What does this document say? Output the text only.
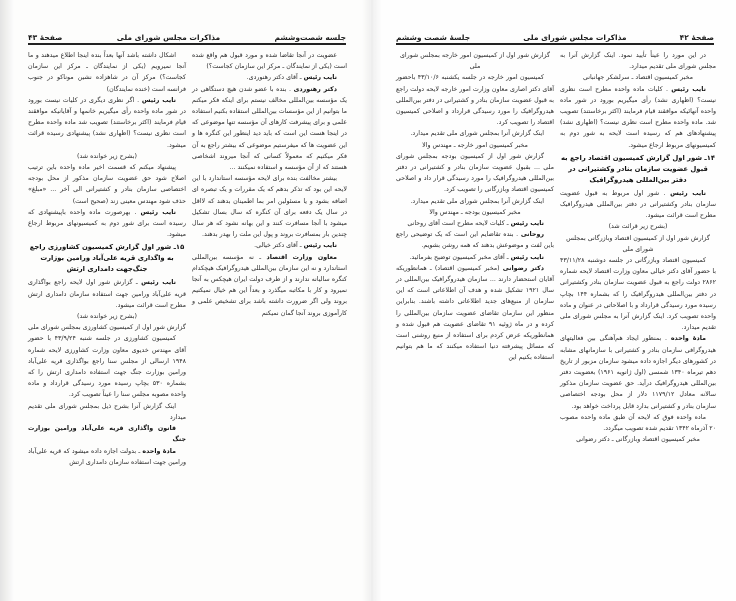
جلسه شصت‌وششم
مذاکرات مجلس شورای ملی
صفحهٔ ۴۳

عضویت در آنجا تقاضا شده و مورد قبول هم واقع شده است (یکی از نمایندگان ـ مرکز این سازمان کجاست؟)

نایب رئیس ـ آقای دکتر رهنوردی.

دکتر رهنوردی . بنده با عضو شدن هیچ دستگاهی در یک مؤسسه بین‌المللی مخالف نیستم برای اینکه فکر میکنم ما بتوانیم از این مؤسسات بین‌المللی استفاده بکنیم استفاده علمی و برای پیشرفت کارهای آن مؤسسه تنها موضوعی که در اینجا هست این است که باید دید اینطور این کنگره ها و این عضویت ها که میفرستیم موضوعی که بیشتر راجع به آن فکر میکنیم که معمولاً کسانی که آنجا میروند اشخاصی هستند که از آن مؤسسه و استفاده نمیکنند ...

بیشتر مخالفت بنده برای لایحه مؤسسه استاندارد با این لایحه این بود که تذکر بدهم که یک مقررات و یک تبصره ای اضافه بشود و یا مسئولین امر بما اطمینان بدهند که لااقل در سال یک دفعه برای آن کنگره که سال بسال تشکیل میشود با آنجا مسافرت کنند و این بهانه نشود که هر سال چندین بار بمسافرت بروند و پول این ملت را بهدر بدهند.

نایب رئیس ـ آقای دکتر خیالی.

معاون وزارت اقتصاد ـ نه مؤسسه بین‌المللی استاندارد و نه این سازمان بین‌المللی هیدروگرافیک هیچکدام کنگره سالیانه ندارند و از طرف دولت ایران هیچکس به آنجا نمیرود و کار با مکاتبه میگذرد و بعداً این هم خیال نمیکنیم بروند ولی اگر ضرورت داشته باشد برای تشخیص علمی و کارآموزی بروند آنجا گمان نمیکنم

اشکال داشته باشد آنها بعداً بنده اینجا اطلاع میدهند و ما آنجا نمیرویم (یکی از نمایندگان ـ مرکز این سازمان کجاست؟) مرکز آن در شاهزاده نشین موناکو در جنوب فرانسه است (خنده نمایندگان)

نایب رئیس . اگر نظری دیگری در کلیات نیست بورود در شور ماده واحده رأی میگیریم خانمها و آقایانیکه موافقند قیام فرمایند (اکثر برخاستند) تصویب شد ماده واحده مطرح است نظری نیست؟ (اظهاری نشد) پیشنهادی رسیده قرائت میشود.

(بشرح زیر خوانده شد)

پیشنهاد میکنم که قسمت اخیر ماده واحده باین ترتیب اصلاح شود حق عضویت سازمان مذکور از محل بودجه اختصاصی سازمان بنادر و کشتیرانی الی آخر ... «مبلغ» حذف شود مهندس معینی زند (صحیح است)

نایب رئیس . بهرصورت ماده واحده باپیشنهادی که رسیده است برای شور دوم به کمیسیونهای مربوط ارجاع میشود.

۱۵ـ شور اول گزارش کمیسیون کشاورزی راجع به واگذاری قریه علی‌آباد ورامین بوزارت جنگ‌جهت دامداری ارتش

نایب رئیس ـ گزارش شور اول لایحه راجع بواگذاری قریه علی‌آباد ورامین جهت استفاده سازمان دامداری ارتش مطرح است قرائت میشود.

(بشرح زیر خوانده شد)

گزارش شور اول از کمیسیون کشاورزی بمجلس شورای ملی

کمیسیون کشاورزی در جلسه شنبه ۴۳/۹/۲۴ با حضور آقای مهندس خدیوی معاون وزارت کشاورزی لایحه شماره ۱۹۴۸ ارسالی از مجلس سنا راجع بواگذاری قریه علی‌آباد ورامین بوزارت جنگ جهت استفاده دامداری ارتش را که بشماره ۵۳۰ بچاپ رسیده مورد رسیدگی قرارداد و ماده واحده مصوبه مجلس سنا را عیناً تصویب کرد.

اینک گزارش آنرا بشرح ذیل بمجلس شورای ملی تقدیم میدارد

قانون واگذاری قریه علی‌آباد ورامین بوزارت جنگ

مادهٔ واحده ـ بدولت اجازه داده میشود که قریه علی‌آباد ورامین جهت استفاده سازمان دامداری ارتش

صفحهٔ ۴۲
مذاکرات مجلس شورای ملی
جلسهٔ شصت وششم

در این مورد را عیناً تأیید نمود. اینک گزارش آنرا به مجلس شورای ملی تقدیم میدارد.

مخبر کمیسیون اقتصاد ـ سرلشکر جهانبانی

نایب رئیس . کلیات ماده واحده مطرح است نظری نیست؟ (اظهاری نشد) رأی میگیریم بورود در شور ماده واحده آنهائیکه موافقند قیام فرمایند (اکثر برخاستند) تصویب شد. ماده واحده مطرح است نظری نیست؟ (اظهاری نشد) پیشنهادهای هم که رسیده است لایحه به شور دوم به کمیسیونهای مربوط ارجاع میشود.

۱۴ـ شور اول گزارش کمیسیون اقتصاد راجع به قبول عضویت سازمان بنادر وکشتیرانی در دفتر بین‌المللی هیدروگرافیک

نایب رئیس . شور اول مربوط به قبول عضویت سازمان بنادر وکشتیرانی در دفتر بین‌المللی هیدروگرافیک مطرح است قرائت میشود.

(بشرح زیر قرائت شد)

گزارش شور اول از کمیسیون اقتصاد وبازرگانی بمجلس شورای ملی

کمیسیون اقتصاد وبازرگانی در جلسه دوشنبه ۴۳/۱۱/۲۸ با حضور آقای دکتر خیالی معاون وزارت اقتصاد لایحه شماره ۲۸۶۲ دولت راجع به قبول عضویت سازمان بنادر وکشتیرانی در دفتر بین‌المللی هیدروگرافیک را که بشماره ۱۴۴ بچاپ رسیده مورد رسیدگی قرارداد و با اصلاحاتی در عنوان و ماده واحده تصویب کرد. اینک گزارش آنرا به مجلس شورای ملی تقدیم میدارد.

مادهٔ واحده . بمنظور ایجاد هم‌آهنگی بین فعالیتهای هیدروگرافی سازمان بنادر و کشتیرانی با سازمانهای مشابه در کشورهای دیگر اجازه داده میشود سازمان مزبور از تاریخ دهم تیرماه ۱۳۴۰ شمسی (اول ژانویه ۱۹۶۱) بعضویت دفتر بین‌المللی هیدروگرافیک درآید. حق عضویت سازمان مذکور سالانه معادل ۱۱۷۹/۱۲ دلار از محل بودجه اختصاصی سازمان بنادر و کشتیرانی بدارد قابل پرداخت خواهد بود.

ماده واحده فوق که لایحه آن طبق ماده واحده مصوب ۲۰ آذرماه ۱۳۴۲ تقدیم شده تصویب میگردد.

مخبر کمیسیون اقتصاد وبازرگانی ـ دکتر رضوانی

گزارش شور اول از کمیسیون امور خارجه بمجلس شورای ملی

کمیسیون امور خارجه در جلسه یکشنبه ۴۳/۱۰/۶ باحضور آقای دکتر اصاری معاون وزارت امور خارجه لایحه دولت راجع به قبول عضویت سازمان بنادر و کشتیرانی در دفتر بین‌المللی هیدروگرافیک را مورد رسیدگی قرارداد و اصلاحی کمیسیون اقتصاد را تصویب کرد.

اینک گزارش آنرا بمجلس شورای ملی تقدیم میدارد.

مخبر کمیسیون امور خارجه ـ مهندس والا

گزارش شور اول از کمیسیون بودجه بمجلس شورای ملی ... بقبول عضویت سازمان بنادر و کشتیرانی در دفتر بین‌المللی هیدروگرافیک را مورد رسیدگی قرار داد و اصلاحی کمیسیون اقتصاد وبازرگانی را تصویب کرد.

اینک گزارش آنرا بمجلس شورای ملی تقدیم میدارد.

مخبر کمیسیون بودجه ـ مهندس والا

نایب رئیس ـ کلیات لایحه مطرح است آقای روحانی

روحانی . بنده تقاضایم این است که یک توضیحی راجع باین لفت و موضوعش بدهند که همه روشن بشویم.

نایب رئیس ـ آقای مخبر کمیسیون توضیح بفرمائید.

دکتر رضوانی (مخبر کمیسیون اقتصاد) ـ همانطوریکه آقایان استحضار دارند ... سازمان هیدروگرافیک بین‌المللی در سال ۱۹۲۱ تشکیل شده و هدف آن اطلاعاتی است که این سازمان از منبع‌های جدید اطلاعاتی داشته باشند. بنابراین منظور این سازمان تقاضای عضویت سازمان بین‌المللی را کرده و در ماه ژوئیه ۹۱ تقاضای عضویت هم قبول شده و همانطوریکه عرض کردم برای استفاده از منبع روشنی است که مسائل پیشرفته دنیا استفاده میکنند که ما هم بتوانیم استفاده بکنیم این
